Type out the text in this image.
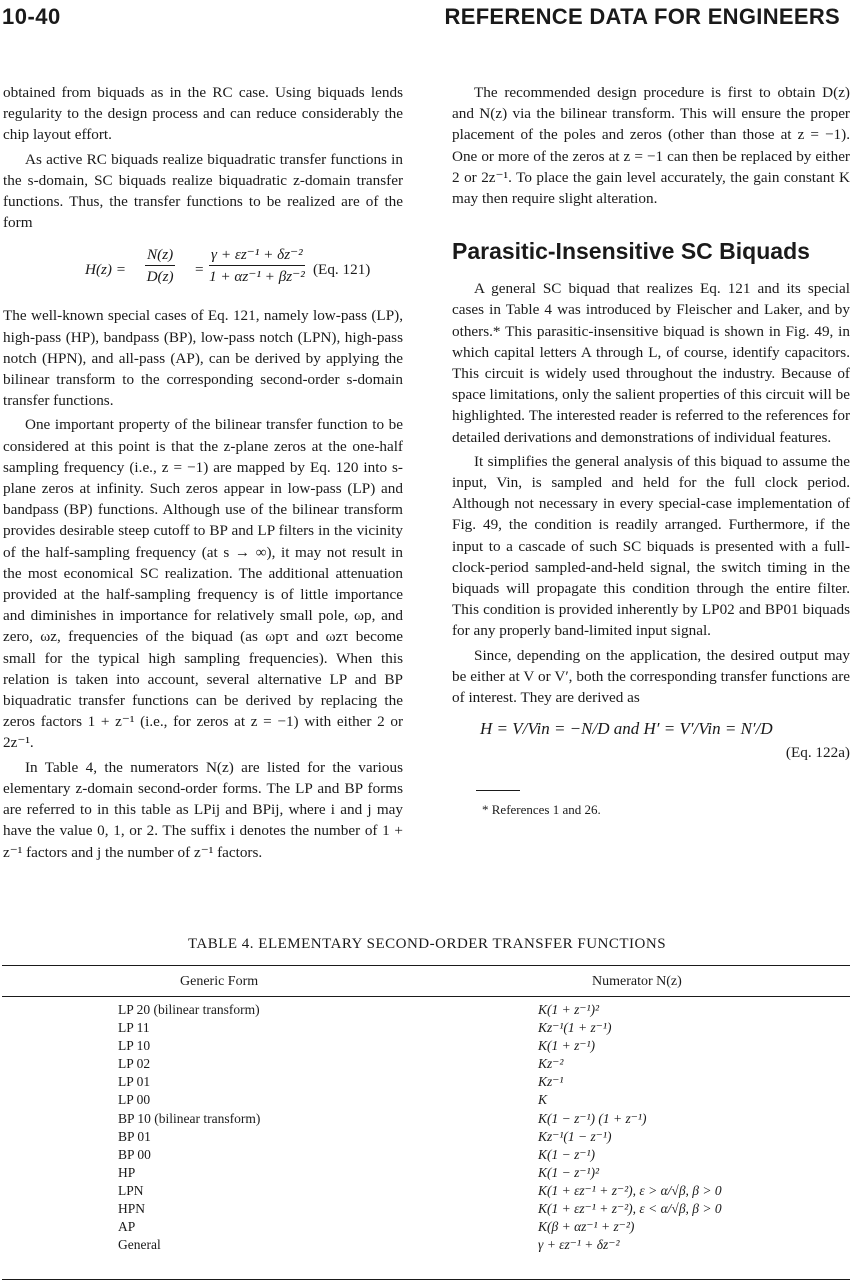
10-40	REFERENCE DATA FOR ENGINEERS

obtained from biquads as in the RC case. Using biquads lends regularity to the design process and can reduce considerably the chip layout effort.

As active RC biquads realize biquadratic transfer functions in the s-domain, SC biquads realize biquadratic z-domain transfer functions. Thus, the transfer functions to be realized are of the form

$H(z) = \frac{N(z)}{D(z)} = \frac{\text{γ + εz⁻¹ + δz⁻²}}{\text{1 + αz⁻¹ + βz⁻²}} (Eq$. 121)

The well-known special cases of Eq. 121, namely low-pass (LP), high-pass (HP), bandpass (BP), low-pass notch (LPN), high-pass notch (HPN), and all-pass (AP), can be derived by applying the bilinear transform to the corresponding second-order s-domain transfer functions.

One important property of the bilinear transfer function to be considered at this point is that the z-plane zeros at the one-half sampling frequency (i.e., z = −1) are mapped by Eq. 120 into s-plane zeros at infinity. Such zeros appear in low-pass (LP) and bandpass (BP) functions. Although use of the bilinear transform provides desirable steep cutoff to BP and LP filters in the vicinity of the half-sampling frequency (at s → ∞), it may not result in the most economical SC realization. The additional attenuation provided at the half-sampling frequency is of little importance and diminishes in importance for relatively small pole, ωp, and zero, ωz, frequencies of the biquad (as ωpτ and ωzτ become small for the typical high sampling frequencies). When this relation is taken into account, several alternative LP and BP biquadratic transfer functions can be derived by replacing the zeros factors 1 + z⁻¹ (i.e., for zeros at z = −1) with either 2 or 2z⁻¹.

In Table 4, the numerators N(z) are listed for the various elementary z-domain second-order forms. The LP and BP forms are referred to in this table as LPij and BPij, where i and j may have the value 0, 1, or 2. The suffix i denotes the number of 1 + z⁻¹ factors and j the number of z⁻¹ factors.

The recommended design procedure is first to obtain D(z) and N(z) via the bilinear transform. This will ensure the proper placement of the poles and zeros (other than those at z = −1). One or more of the zeros at z = −1 can then be replaced by either 2 or 2z⁻¹. To place the gain level accurately, the gain constant K may then require slight alteration.

Parasitic-Insensitive SC Biquads

A general SC biquad that realizes Eq. 121 and its special cases in Table 4 was introduced by Fleischer and Laker, and by others.* This parasitic-insensitive biquad is shown in Fig. 49, in which capital letters A through L, of course, identify capacitors. This circuit is widely used throughout the industry. Because of space limitations, only the salient properties of this circuit will be highlighted. The interested reader is referred to the references for detailed derivations and demonstrations of individual features.

It simplifies the general analysis of this biquad to assume the input, Vin, is sampled and held for the full clock period. Although not necessary in every special-case implementation of Fig. 49, the condition is readily arranged. Furthermore, if the input to a cascade of such SC biquads is presented with a full-clock-period sampled-and-held signal, the switch timing in the biquads will propagate this condition through the entire filter. This condition is provided inherently by LP02 and BP01 biquads for any properly band-limited input signal.

Since, depending on the application, the desired output may be either at V or V′, both the corresponding transfer functions are of interest. They are derived as

H = V/Vin = −N/D and H′ = V′/Vin = N′/D
(Eq. 122a)
* References 1 and 26.
TABLE 4. ELEMENTARY SECOND-ORDER TRANSFER FUNCTIONS
Generic Form	Numerator N(z)
LP 20 (bilinear transform)	K(1 + z⁻¹)²
LP 11	Kz⁻¹(1 + z⁻¹)
LP 10	K(1 + z⁻¹)
LP 02	Kz⁻²
LP 01	Kz⁻¹
LP 00	K
BP 10 (bilinear transform)	K(1 − z⁻¹) (1 + z⁻¹)
BP 01	Kz⁻¹(1 − z⁻¹)
BP 00	K(1 − z⁻¹)
HP	K(1 − z⁻¹)²
LPN	K(1 + εz⁻¹ + z⁻²), ε > α/√β, β > 0
HPN	K(1 + εz⁻¹ + z⁻²), ε < α/√β, β > 0
AP	K(β + αz⁻¹ + z⁻²)
General	γ + εz⁻¹ + δz⁻²
